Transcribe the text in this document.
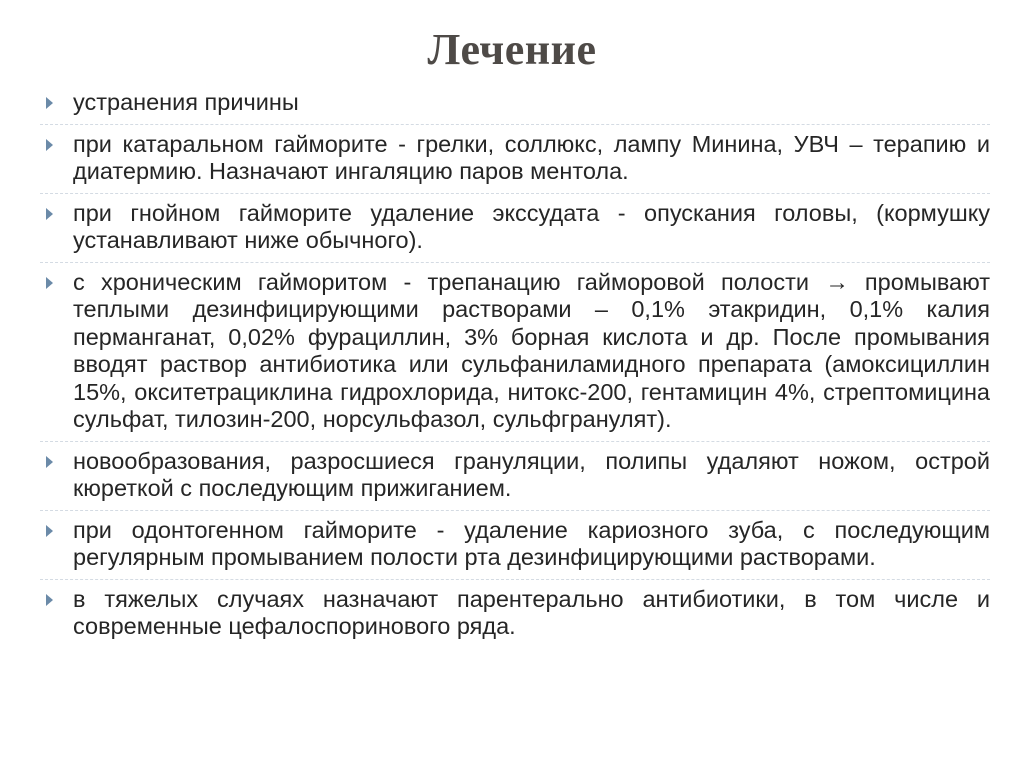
Лечение
устранения причины
при катаральном гайморите - грелки, соллюкс, лампу Минина, УВЧ – терапию и диатермию. Назначают ингаляцию паров ментола.
при гнойном гайморите удаление экссудата - опускания головы, (кормушку устанавливают ниже обычного).
с хроническим гайморитом - трепанацию гайморовой полости → промывают теплыми дезинфицирующими растворами – 0,1% этакридин, 0,1% калия перманганат, 0,02% фурациллин, 3% борная кислота и др. После промывания вводят раствор антибиотика или сульфаниламидного препарата (амоксициллин 15%, окситетрациклина гидрохлорида, нитокс-200, гентамицин 4%, стрептомицина сульфат, тилозин-200, норсульфазол, сульфгранулят).
новообразования, разросшиеся грануляции, полипы удаляют ножом, острой кюреткой с последующим прижиганием.
при одонтогенном гайморите - удаление кариозного зуба, с последующим регулярным промыванием полости рта дезинфицирующими растворами.
в тяжелых случаях назначают парентерально антибиотики, в том числе и современные цефалоспоринового ряда.
